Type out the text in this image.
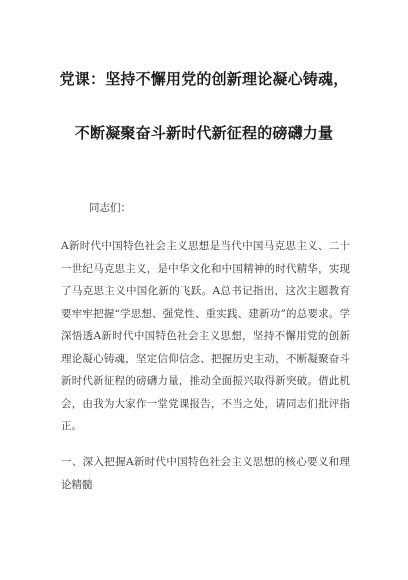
党课：坚持不懈用党的创新理论凝心铸魂，
不断凝聚奋斗新时代新征程的磅礴力量
同志们：
A新时代中国特色社会主义思想是当代中国马克思主义、二十一世纪马克思主义，是中华文化和中国精神的时代精华，实现了马克思主义中国化新的飞跃。A总书记指出，这次主题教育要牢牢把握“学思想、强党性、重实践、建新功”的总要求。学深悟透A新时代中国特色社会主义思想，坚持不懈用党的创新理论凝心铸魂，坚定信仰信念、把握历史主动，不断凝聚奋斗新时代新征程的磅礴力量，推动全面振兴取得新突破。借此机会，由我为大家作一堂党课报告，不当之处，请同志们批评指正。
一、深入把握A新时代中国特色社会主义思想的核心要义和理论精髓
